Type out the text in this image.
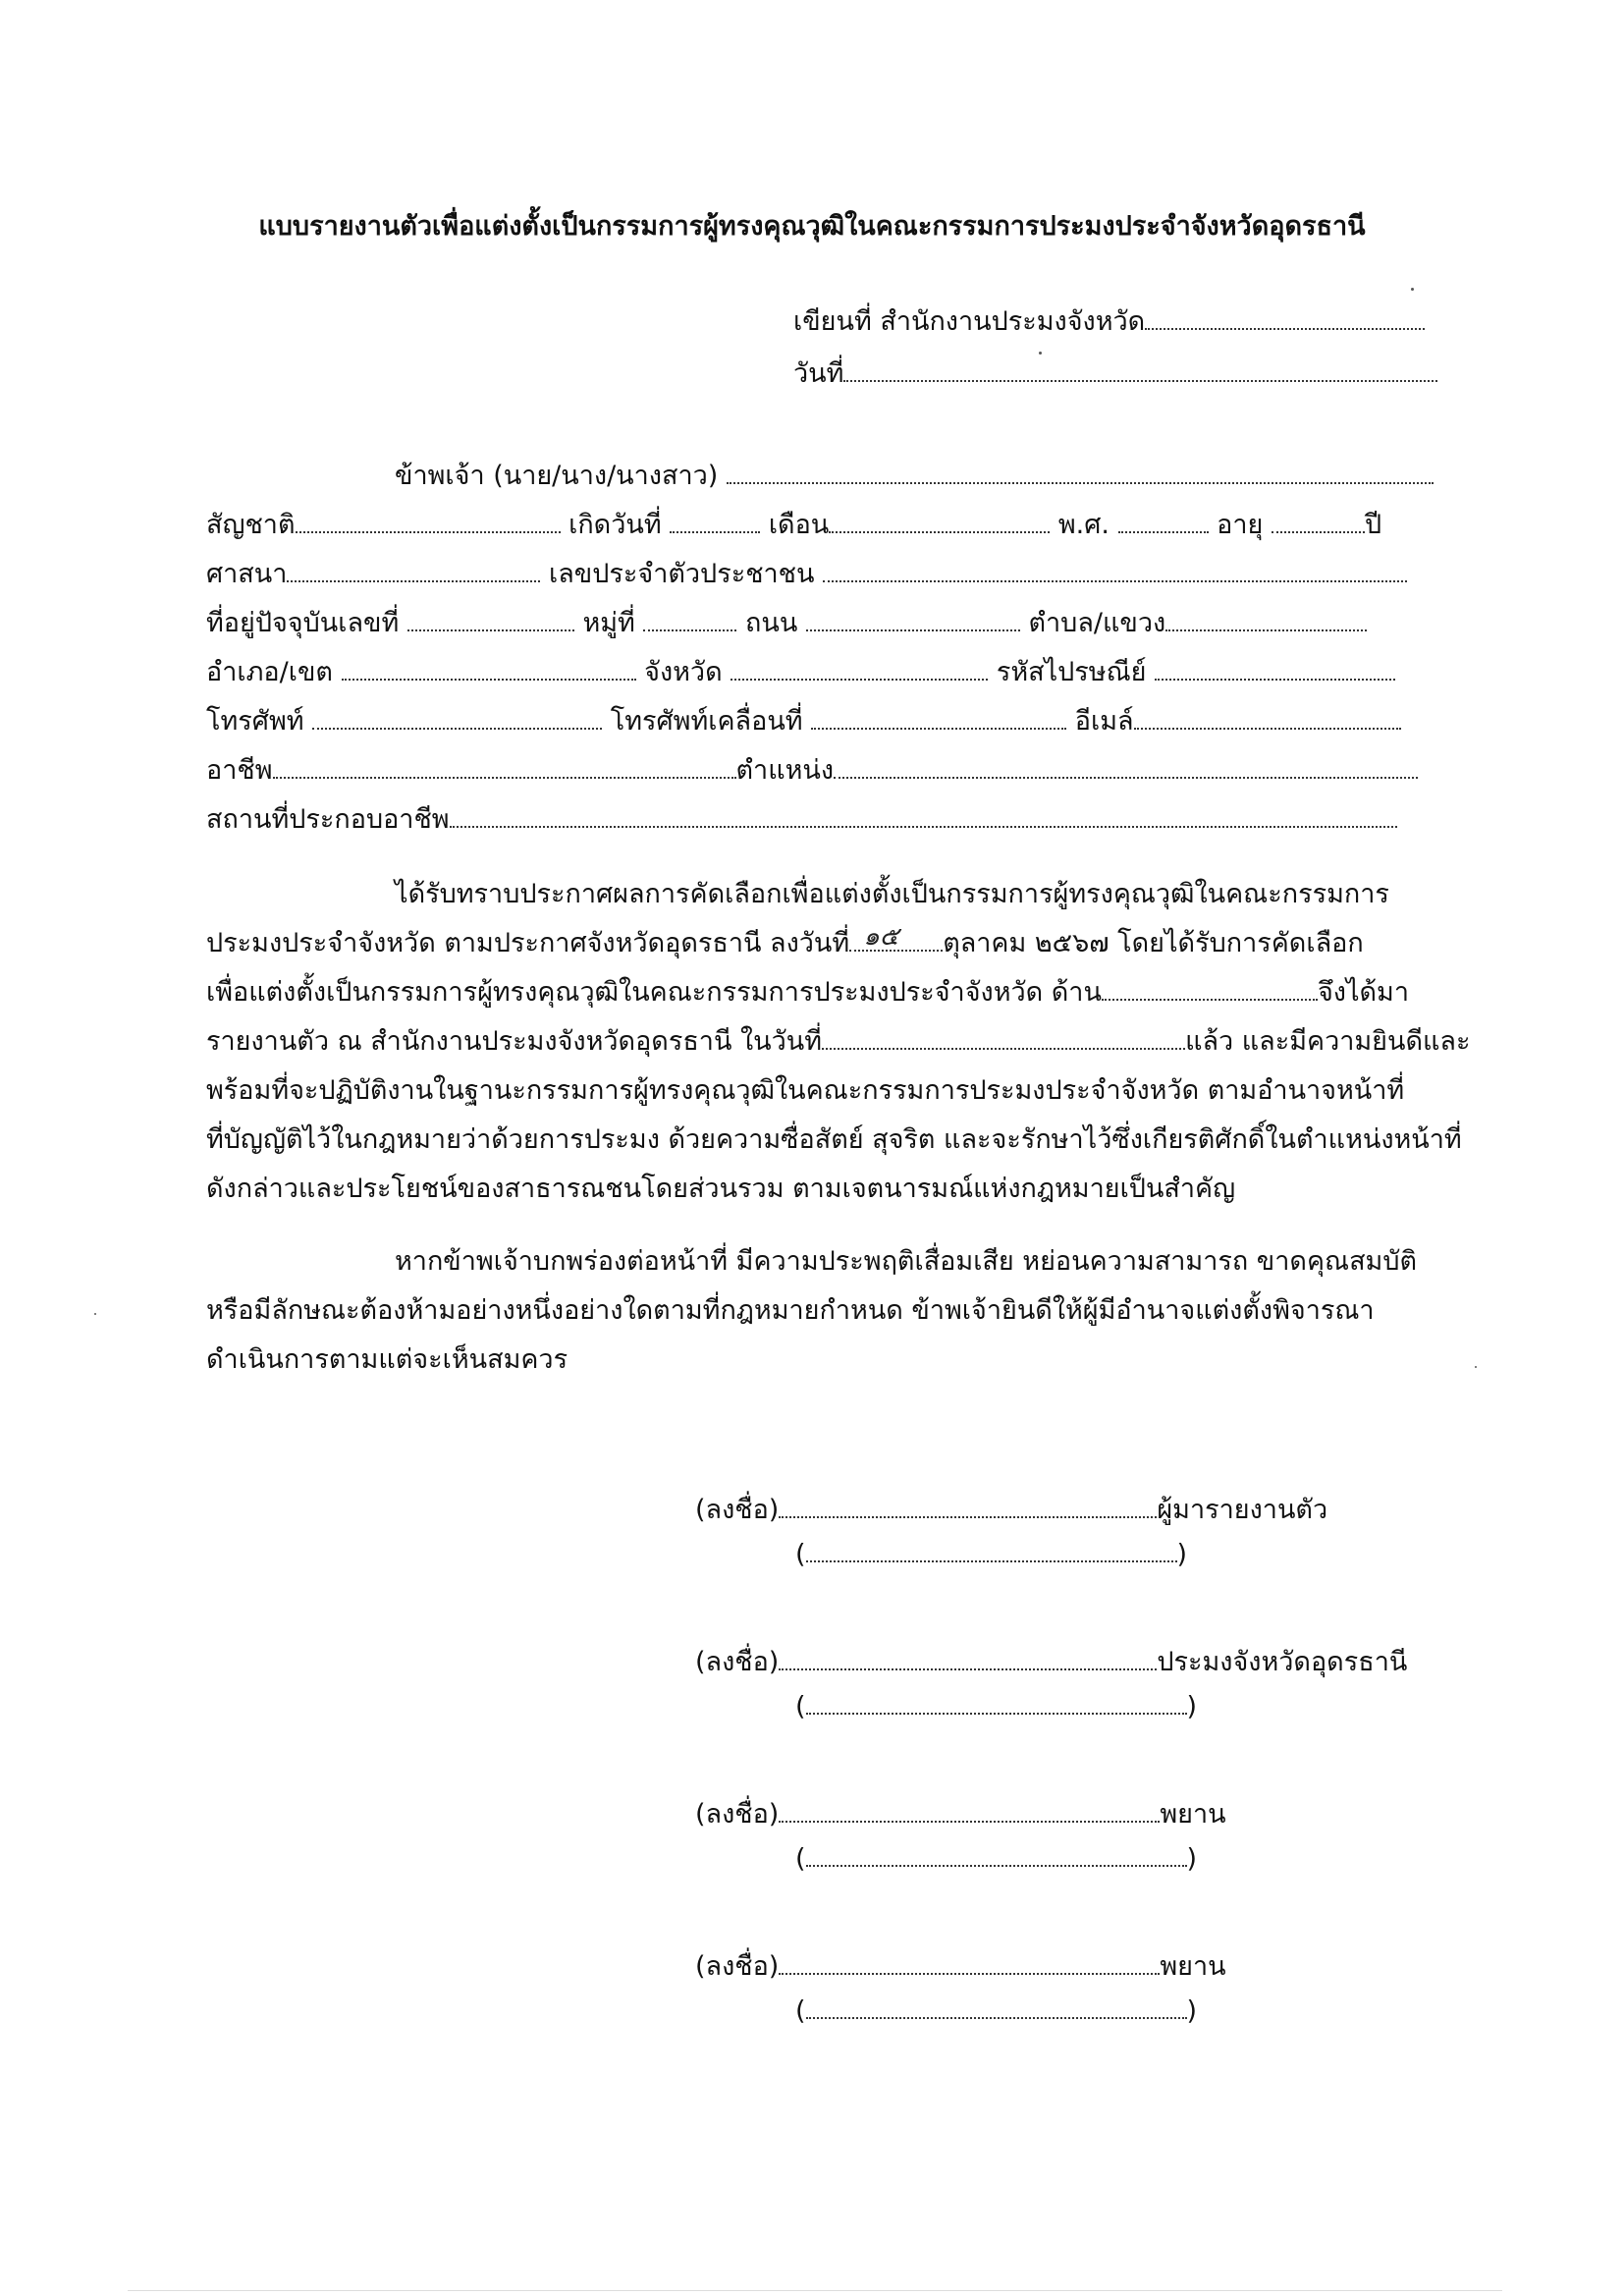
แบบรายงานตัวเพื่อแต่งตั้งเป็นกรรมการผู้ทรงคุณวุฒิในคณะกรรมการประมงประจำจังหวัดอุดรธานี
เขียนที่ สำนักงานประมงจังหวัด
วันที่
ข้าพเจ้า (นาย/นาง/นางสาว)
สัญชาติ	เกิดวันที่	เดือน	พ.ศ.	อายุ	ปี
ศาสนา	เลขประจำตัวประชาชน
ที่อยู่ปัจจุบันเลขที่	หมู่ที่	ถนน	ตำบล/แขวง
อำเภอ/เขต	จังหวัด	รหัสไปรษณีย์
โทรศัพท์	โทรศัพท์เคลื่อนที่	อีเมล์
อาชีพ	ตำแหน่ง
สถานที่ประกอบอาชีพ
ได้รับทราบประกาศผลการคัดเลือกเพื่อแต่งตั้งเป็นกรรมการผู้ทรงคุณวุฒิในคณะกรรมการ
ประมงประจำจังหวัด ตามประกาศจังหวัดอุดรธานี ลงวันที่ ๑๕ ตุลาคม ๒๕๖๗ โดยได้รับการคัดเลือก
เพื่อแต่งตั้งเป็นกรรมการผู้ทรงคุณวุฒิในคณะกรรมการประมงประจำจังหวัด ด้าน	จึงได้มา
รายงานตัว ณ สำนักงานประมงจังหวัดอุดรธานี ในวันที่	แล้ว และมีความยินดีและ
พร้อมที่จะปฏิบัติงานในฐานะกรรมการผู้ทรงคุณวุฒิในคณะกรรมการประมงประจำจังหวัด ตามอำนาจหน้าที่
ที่บัญญัติไว้ในกฎหมายว่าด้วยการประมง ด้วยความซื่อสัตย์ สุจริต และจะรักษาไว้ซึ่งเกียรติศักดิ์ในตำแหน่งหน้าที่
ดังกล่าวและประโยชน์ของสาธารณชนโดยส่วนรวม ตามเจตนารมณ์แห่งกฎหมายเป็นสำคัญ
หากข้าพเจ้าบกพร่องต่อหน้าที่ มีความประพฤติเสื่อมเสีย หย่อนความสามารถ ขาดคุณสมบัติ
หรือมีลักษณะต้องห้ามอย่างหนึ่งอย่างใดตามที่กฎหมายกำหนด ข้าพเจ้ายินดีให้ผู้มีอำนาจแต่งตั้งพิจารณา
ดำเนินการตามแต่จะเห็นสมควร
(ลงชื่อ)	ผู้มารายงานตัว
(	)
(ลงชื่อ)	ประมงจังหวัดอุดรธานี
(	)
(ลงชื่อ)	พยาน
(	)
(ลงชื่อ)	พยาน
(	)
